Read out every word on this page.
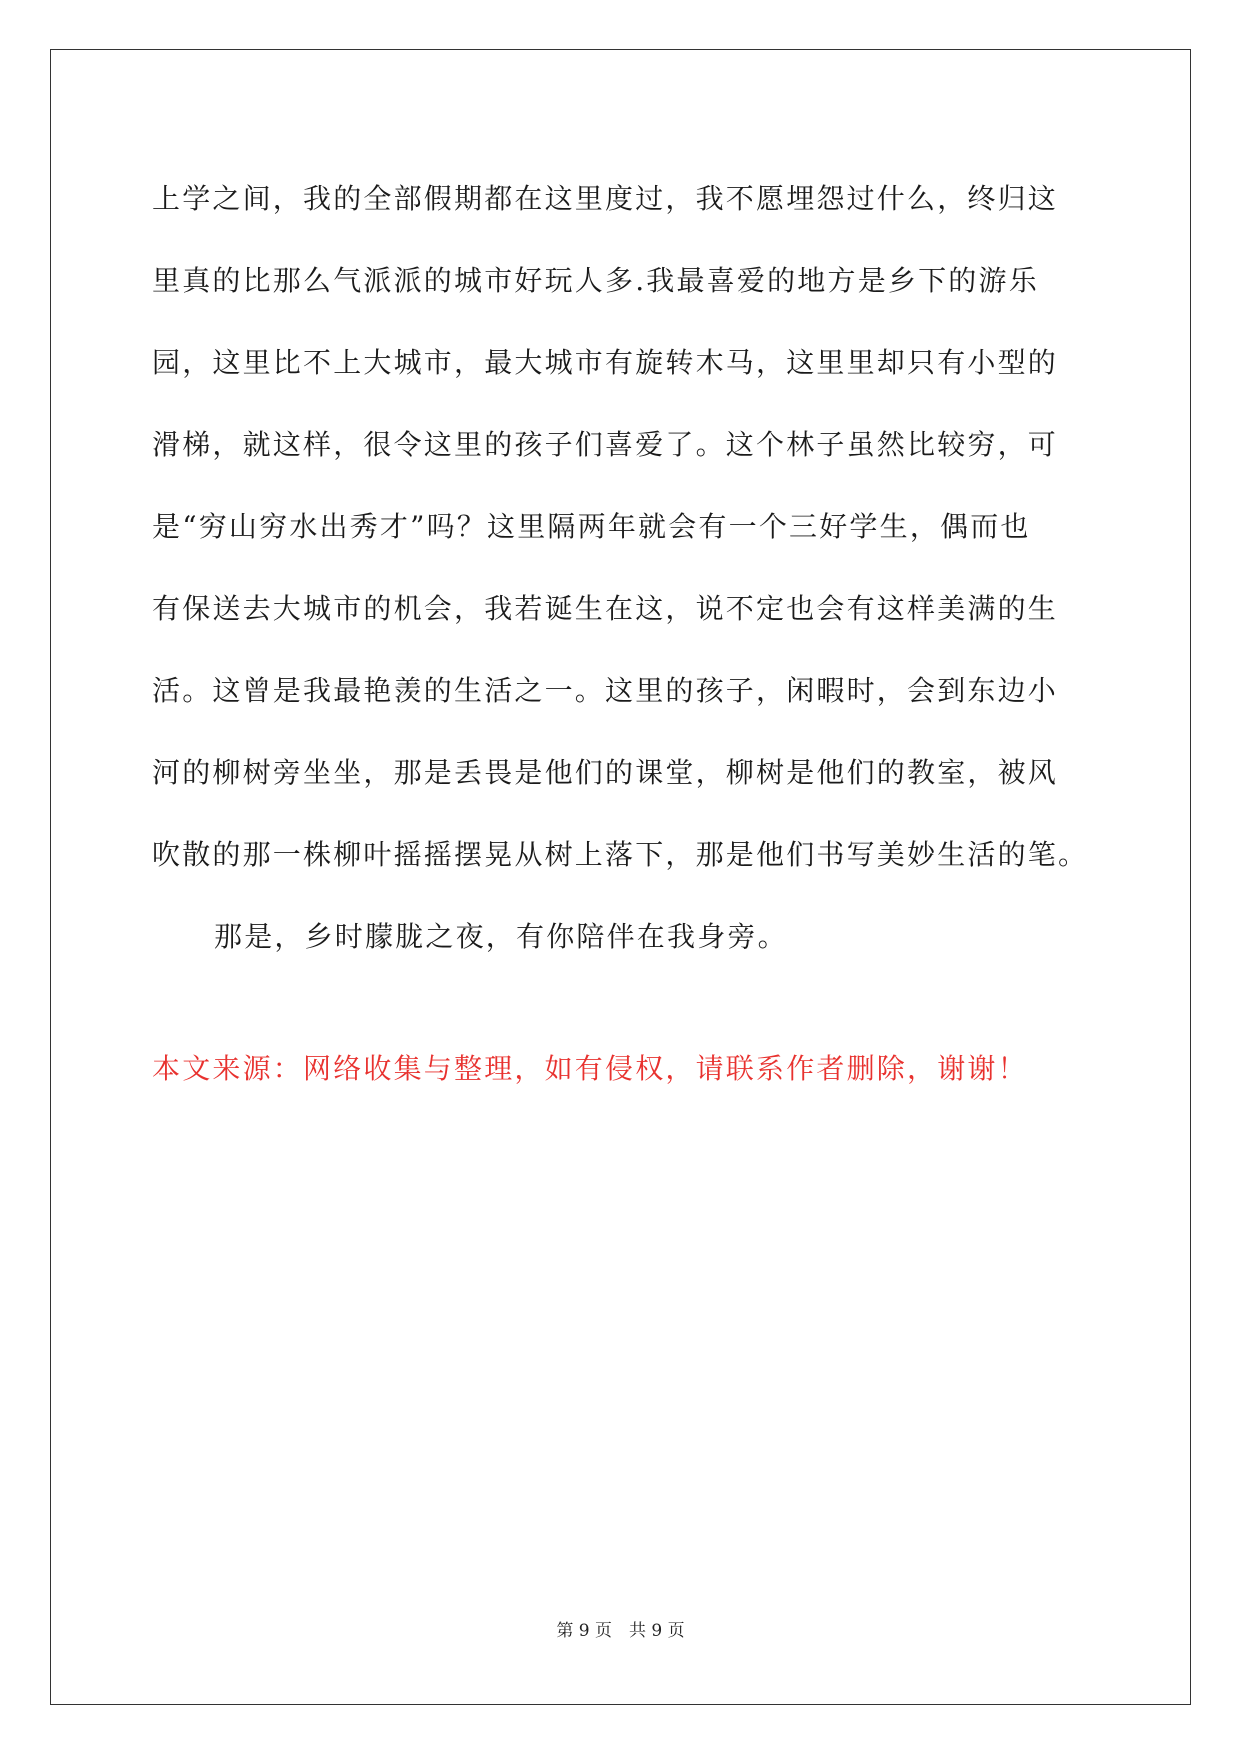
上学之间，我的全部假期都在这里度过，我不愿埋怨过什么，终归这
里真的比那么气派派的城市好玩人多.我最喜爱的地方是乡下的游乐
园，这里比不上大城市，最大城市有旋转木马，这里里却只有小型的
滑梯，就这样，很令这里的孩子们喜爱了。这个林子虽然比较穷，可
是“穷山穷水出秀才”吗？这里隔两年就会有一个三好学生，偶而也
有保送去大城市的机会，我若诞生在这，说不定也会有这样美满的生
活。这曾是我最艳羡的生活之一。这里的孩子，闲暇时，会到东边小
河的柳树旁坐坐，那是丢畏是他们的课堂，柳树是他们的教室，被风
吹散的那一株柳叶摇摇摆晃从树上落下，那是他们书写美妙生活的笔。
那是，乡时朦胧之夜，有你陪伴在我身旁。
本文来源：网络收集与整理，如有侵权，请联系作者删除，谢谢！
第 9 页　共 9 页
